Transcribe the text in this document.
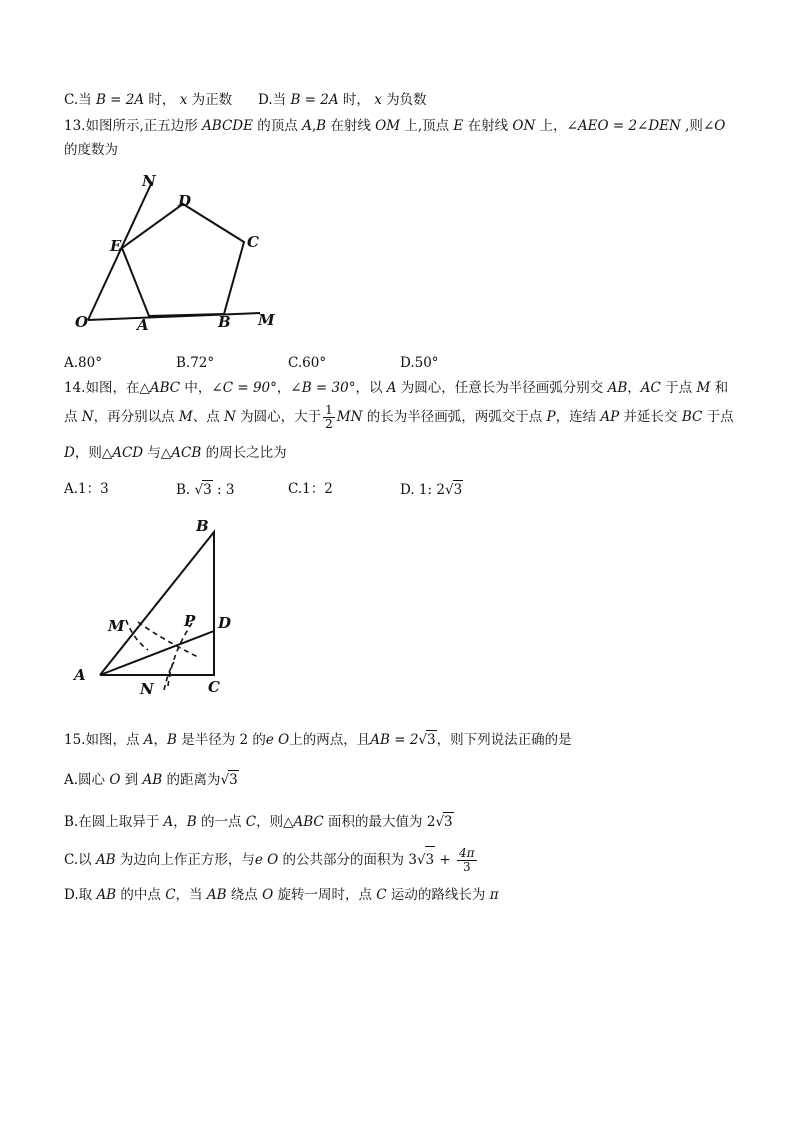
C.当 B = 2A 时， x 为正数 D.当 B = 2A 时， x 为负数
13.如图所示,正五边形 ABCDE 的顶点 A,B 在射线 OM 上,顶点 E 在射线 ON 上，∠AEO = 2∠DEN ,则∠O
的度数为
N
D
C
E
O	A	B M
A.80°	B.72°	C.60°	D.50°
14.如图，在△ABC 中，∠C = 90°，∠B = 30°，以 A 为圆心，任意长为半径画弧分别交 AB，AC 于点 M 和
点 N，再分别以点 M、点 N 为圆心，大于 $\frac{1}{2}$ MN 的长为半径画弧，两弧交于点 P，连结 AP 并延长交 BC 于点
D，则△ACD 与△ACB 的周长之比为
A.1：3	B. √3 : 3	C.1：2	D. 1: 2√3
B
M	P D
A
N	C
15.如图，点 A，B 是半径为 2 的e O上的两点，且AB = 2√3，则下列说法正确的是
A.圆心 O 到 AB 的距离为√3
B.在圆上取异于 A，B 的一点 C，则△ABC 面积的最大值为 2√3
C.以 AB 为边向上作正方形，与e O 的公共部分的面积为 $3√3 + \frac{4\pi}{3}$
D.取 AB 的中点 C，当 AB 绕点 O 旋转一周时，点 C 运动的路线长为 π
